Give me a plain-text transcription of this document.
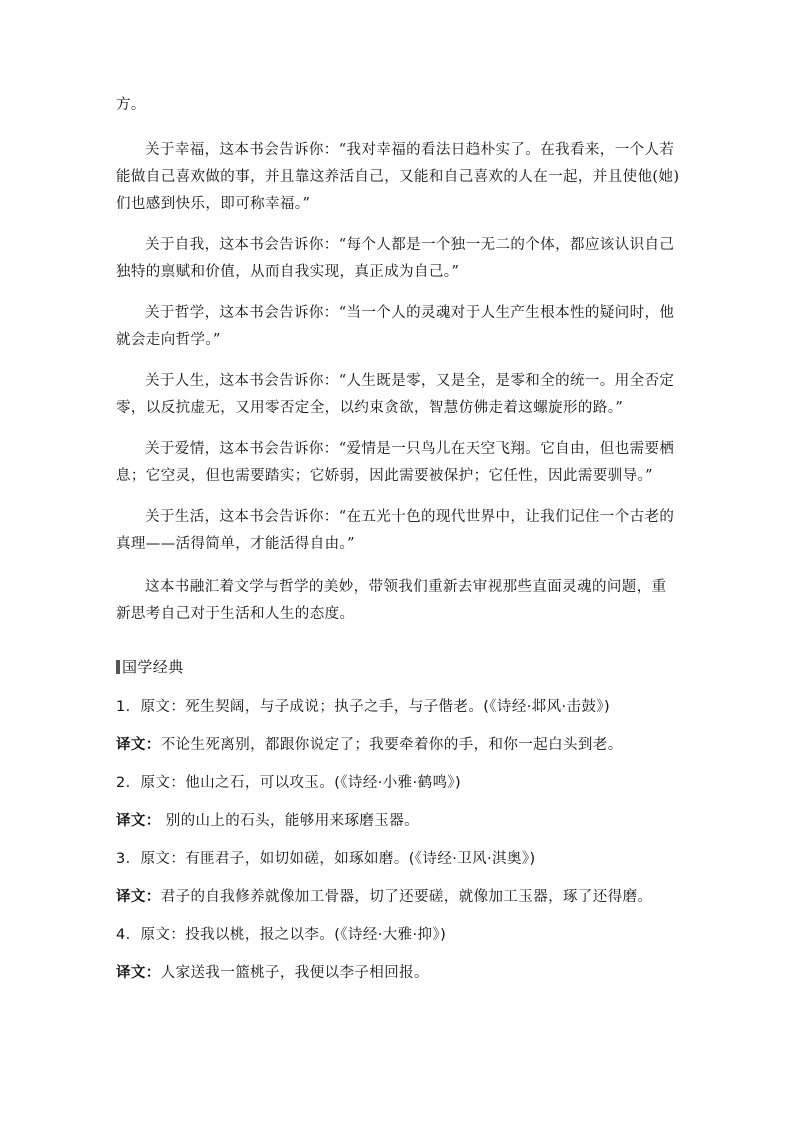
方。

关于幸福，这本书会告诉你：“我对幸福的看法日趋朴实了。在我看来，一个人若能做自己喜欢做的事，并且靠这养活自己，又能和自己喜欢的人在一起，并且使他(她)们也感到快乐，即可称幸福。”

关于自我，这本书会告诉你：“每个人都是一个独一无二的个体，都应该认识自己独特的禀赋和价值，从而自我实现，真正成为自己。”

关于哲学，这本书会告诉你：“当一个人的灵魂对于人生产生根本性的疑问时，他就会走向哲学。”

关于人生，这本书会告诉你：“人生既是零，又是全，是零和全的统一。用全否定零，以反抗虚无，又用零否定全，以约束贪欲，智慧仿佛走着这螺旋形的路。”

关于爱情，这本书会告诉你：“爱情是一只鸟儿在天空飞翔。它自由，但也需要栖息；它空灵，但也需要踏实；它娇弱，因此需要被保护；它任性，因此需要驯导。”

关于生活，这本书会告诉你：“在五光十色的现代世界中，让我们记住一个古老的真理——活得简单，才能活得自由。”

这本书融汇着文学与哲学的美妙，带领我们重新去审视那些直面灵魂的问题，重新思考自己对于生活和人生的态度。

国学经典

1．原文：死生契阔，与子成说；执子之手，与子偕老。(《诗经·邶风·击鼓》)

译文：不论生死离别，都跟你说定了；我要牵着你的手，和你一起白头到老。

2．原文：他山之石，可以攻玉。(《诗经·小雅·鹤鸣》)

译文： 别的山上的石头，能够用来琢磨玉器。

3．原文：有匪君子，如切如磋，如琢如磨。(《诗经·卫风·淇奥》)

译文：君子的自我修养就像加工骨器，切了还要磋，就像加工玉器，琢了还得磨。

4．原文：投我以桃，报之以李。(《诗经·大雅·抑》)

译文：人家送我一篮桃子，我便以李子相回报。
